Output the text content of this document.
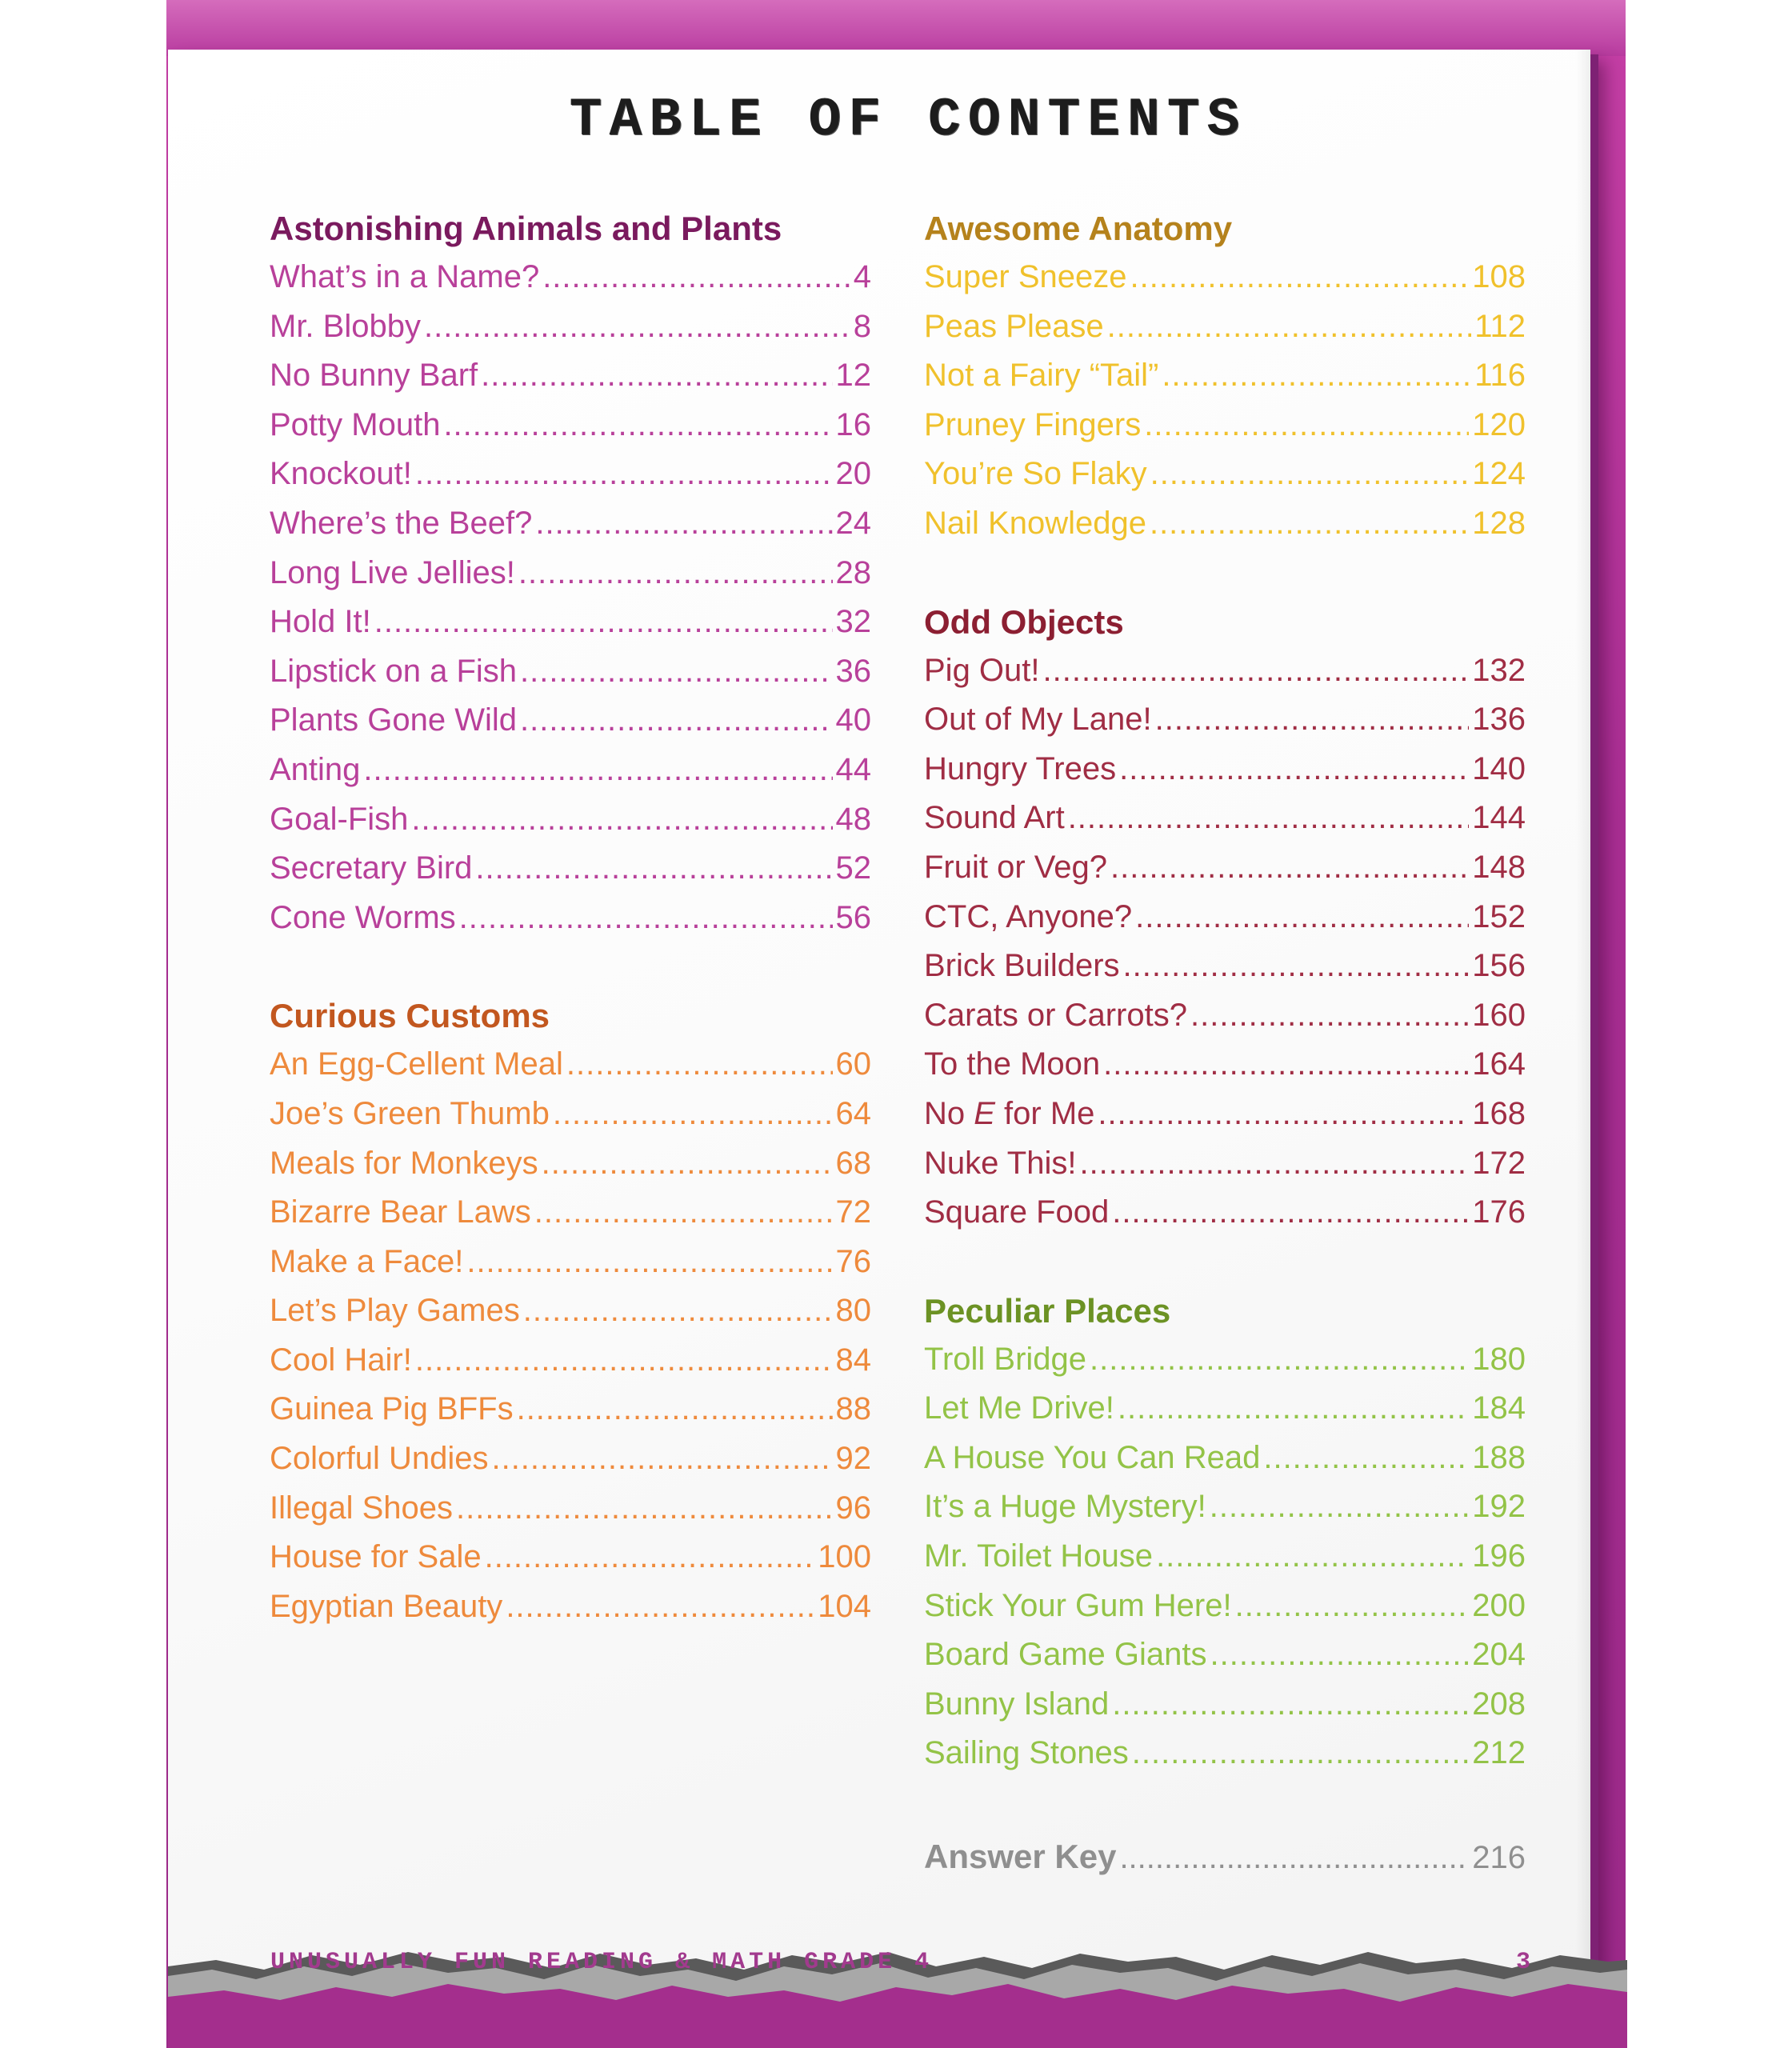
TABLE OF CONTENTS
Astonishing Animals and Plants
What’s in a Name? .....	4
Mr. Blobby .....	8
No Bunny Barf .....	12
Potty Mouth .....	16
Knockout! .....	20
Where’s the Beef? .....	24
Long Live Jellies! .....	28
Hold It! .....	32
Lipstick on a Fish .....	36
Plants Gone Wild .....	40
Anting .....	44
Goal-Fish .....	48
Secretary Bird .....	52
Cone Worms .....	56
Curious Customs
An Egg-Cellent Meal .....	60
Joe’s Green Thumb .....	64
Meals for Monkeys .....	68
Bizarre Bear Laws .....	72
Make a Face! .....	76
Let’s Play Games .....	80
Cool Hair! .....	84
Guinea Pig BFFs .....	88
Colorful Undies .....	92
Illegal Shoes .....	96
House for Sale .....	100
Egyptian Beauty .....	104
Awesome Anatomy
Super Sneeze .....	108
Peas Please .....	112
Not a Fairy “Tail” .....	116
Pruney Fingers .....	120
You’re So Flaky .....	124
Nail Knowledge .....	128
Odd Objects
Pig Out! .....	132
Out of My Lane! .....	136
Hungry Trees .....	140
Sound Art .....	144
Fruit or Veg? .....	148
CTC, Anyone? .....	152
Brick Builders .....	156
Carats or Carrots? .....	160
To the Moon .....	164
No E for Me .....	168
Nuke This! .....	172
Square Food .....	176
Peculiar Places
Troll Bridge .....	180
Let Me Drive! .....	184
A House You Can Read .....	188
It’s a Huge Mystery! .....	192
Mr. Toilet House .....	196
Stick Your Gum Here! .....	200
Board Game Giants .....	204
Bunny Island .....	208
Sailing Stones .....	212
Answer Key .....	216
UNUSUALLY FUN READING & MATH GRADE 4	3
